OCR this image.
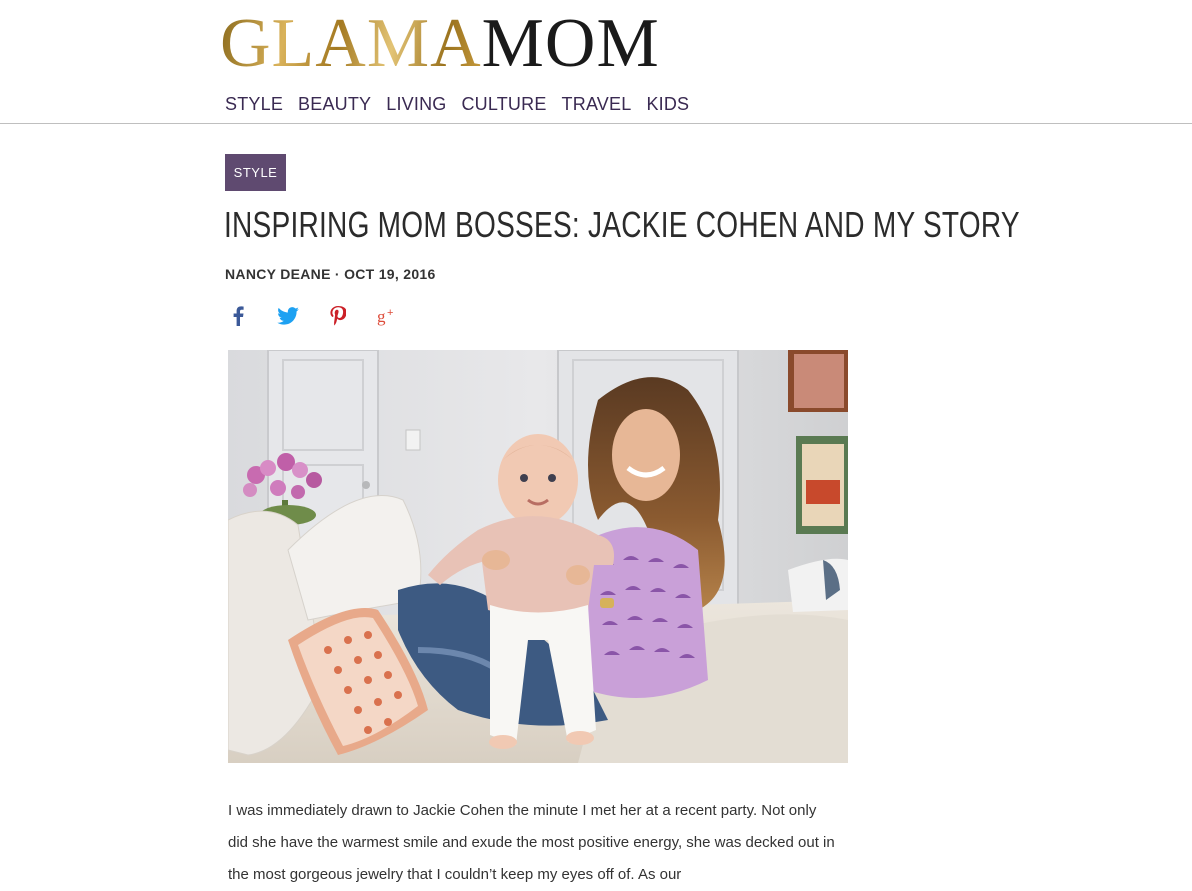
GLAMAMOM
STYLE BEAUTY LIVING CULTURE TRAVEL KIDS
STYLE
INSPIRING MOM BOSSES: JACKIE COHEN AND MY STORY
NANCY DEANE · OCT 19, 2016
g +

I was immediately drawn to Jackie Cohen the minute I met her at a recent party. Not only did she have the warmest smile and exude the most positive energy, she was decked out in the most gorgeous jewelry that I couldn’t keep my eyes off of. As our
